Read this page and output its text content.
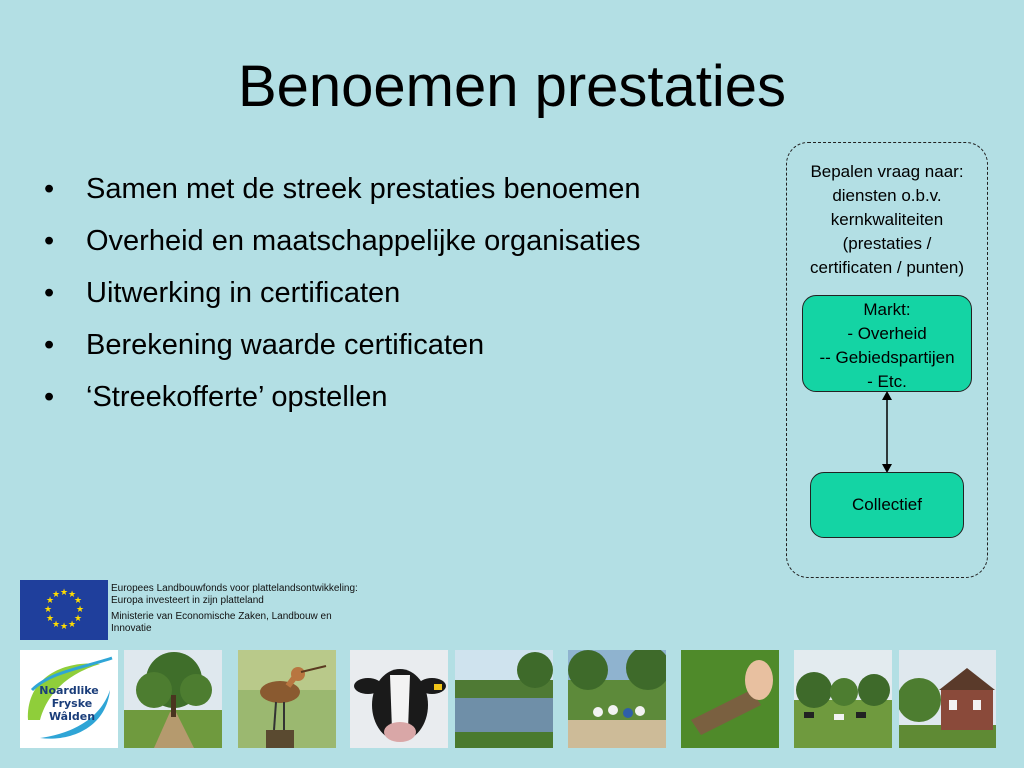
Benoemen prestaties
• Samen met de streek prestaties benoemen
• Overheid en maatschappelijke organisaties
• Uitwerking in certificaten
• Berekening waarde certificaten
• ‘Streekofferte’ opstellen
Bepalen vraag naar:
diensten o.b.v.
kernkwaliteiten
(prestaties /
certificaten / punten)
Markt:
- Overheid
-- Gebiedspartijen
- Etc.
Collectief
★ ★
★
★
★
★
★
★
★
★
★
★

Europees Landbouwfonds voor plattelandsontwikkeling:
Europa investeert in zijn platteland

Ministerie van Economische Zaken, Landbouw en
Innovatie

Noardlike
Fryske
Wâlden
